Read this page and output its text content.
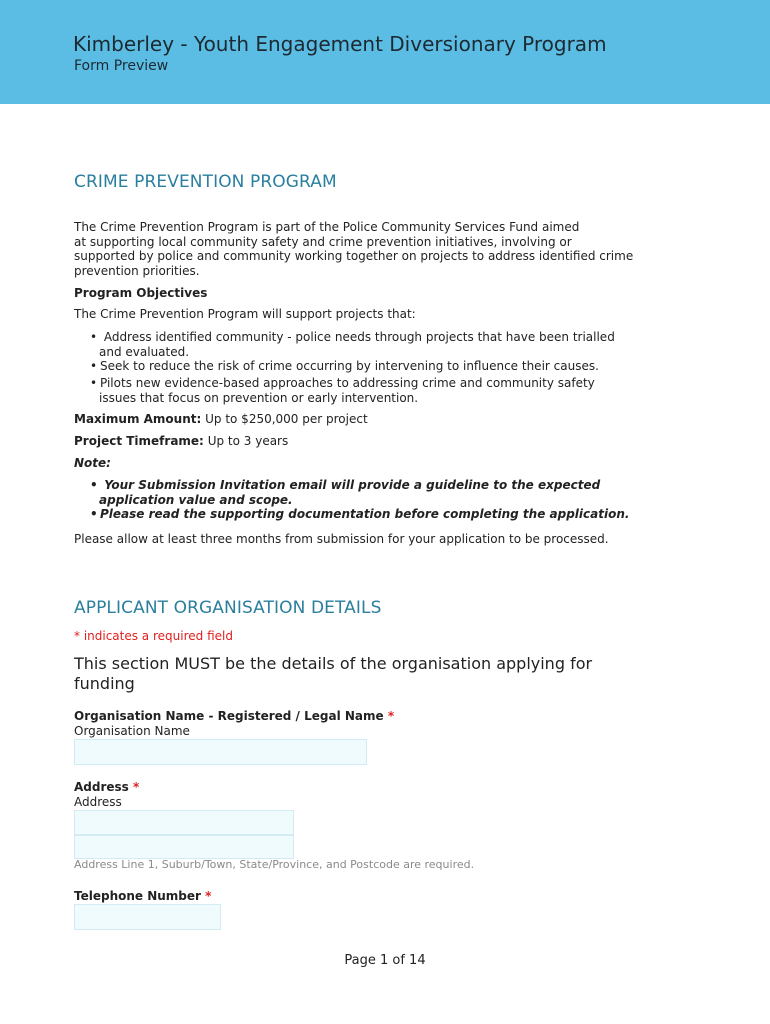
Kimberley - Youth Engagement Diversionary Program
Form Preview
CRIME PREVENTION PROGRAM
The Crime Prevention Program is part of the Police Community Services Fund aimed
at supporting local community safety and crime prevention initiatives, involving or
supported by police and community working together on projects to address identified crime
prevention priorities.
Program Objectives
The Crime Prevention Program will support projects that:
• Address identified community - police needs through projects that have been trialled
and evaluated.
• Seek to reduce the risk of crime occurring by intervening to influence their causes.
• Pilots new evidence-based approaches to addressing crime and community safety
issues that focus on prevention or early intervention.
Maximum Amount: Up to $250,000 per project
Project Timeframe: Up to 3 years
Note:
• Your Submission Invitation email will provide a guideline to the expected
application value and scope.
• Please read the supporting documentation before completing the application.
Please allow at least three months from submission for your application to be processed.
APPLICANT ORGANISATION DETAILS
* indicates a required field
This section MUST be the details of the organisation applying for
funding
Organisation Name - Registered / Legal Name *
Organisation Name
Address *
Address
Address Line 1, Suburb/Town, State/Province, and Postcode are required.
Telephone Number *
Page 1 of 14
